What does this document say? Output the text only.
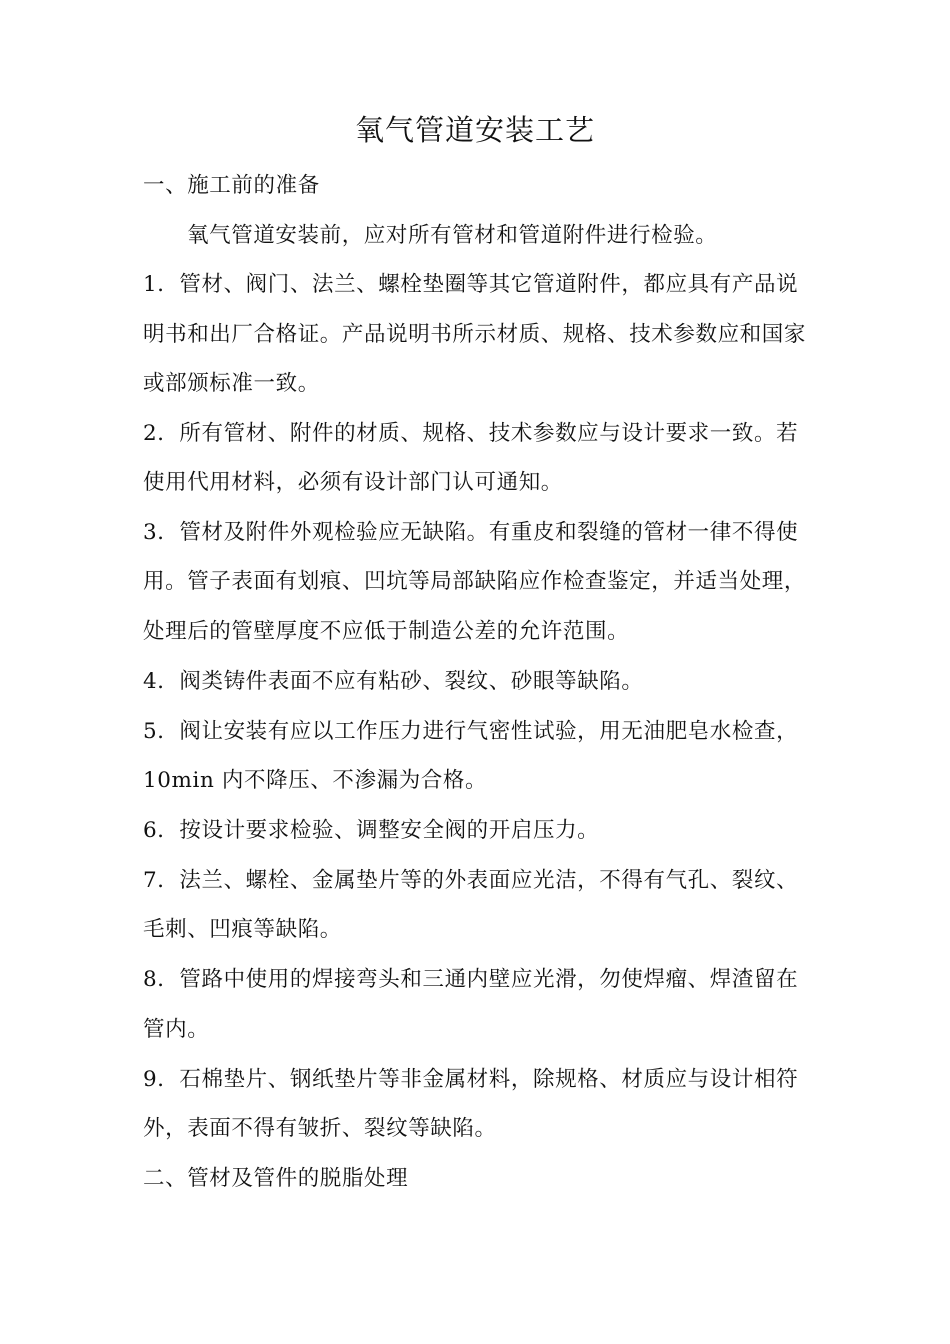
氧气管道安装工艺
一、施工前的准备
氧气管道安装前，应对所有管材和管道附件进行检验。
1．管材、阀门、法兰、螺栓垫圈等其它管道附件，都应具有产品说
明书和出厂合格证。产品说明书所示材质、规格、技术参数应和国家
或部颁标准一致。
2．所有管材、附件的材质、规格、技术参数应与设计要求一致。若
使用代用材料，必须有设计部门认可通知。
3．管材及附件外观检验应无缺陷。有重皮和裂缝的管材一律不得使
用。管子表面有划痕、凹坑等局部缺陷应作检查鉴定，并适当处理，
处理后的管壁厚度不应低于制造公差的允许范围。
4．阀类铸件表面不应有粘砂、裂纹、砂眼等缺陷。
5．阀让安装有应以工作压力进行气密性试验，用无油肥皂水检查，
10min 内不降压、不渗漏为合格。
6．按设计要求检验、调整安全阀的开启压力。
7．法兰、螺栓、金属垫片等的外表面应光洁，不得有气孔、裂纹、
毛刺、凹痕等缺陷。
8．管路中使用的焊接弯头和三通内壁应光滑，勿使焊瘤、焊渣留在
管内。
9．石棉垫片、钢纸垫片等非金属材料，除规格、材质应与设计相符
外，表面不得有皱折、裂纹等缺陷。
二、管材及管件的脱脂处理
